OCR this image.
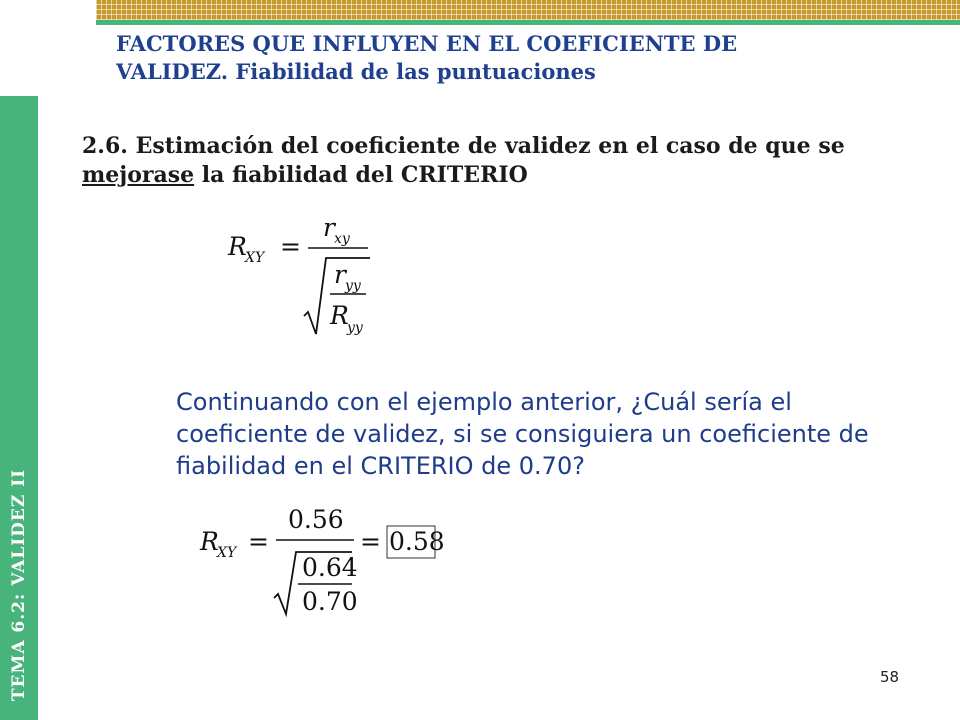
TEMA 6.2: VALIDEZ II
FACTORES QUE INFLUYEN EN EL COEFICIENTE DE
VALIDEZ. Fiabilidad de las puntuaciones
2.6. Estimación del coeficiente de validez en el caso de que se
mejorase la fiabilidad del CRITERIO
R
XY =
r xy
r yy
R
yy
Continuando con el ejemplo anterior, ¿Cuál sería el
coeficiente de validez, si se consiguiera un coeficiente de
fiabilidad en el CRITERIO de 0.70?
R
XY =
0.56
0.64
0.70
= 0.58
58
